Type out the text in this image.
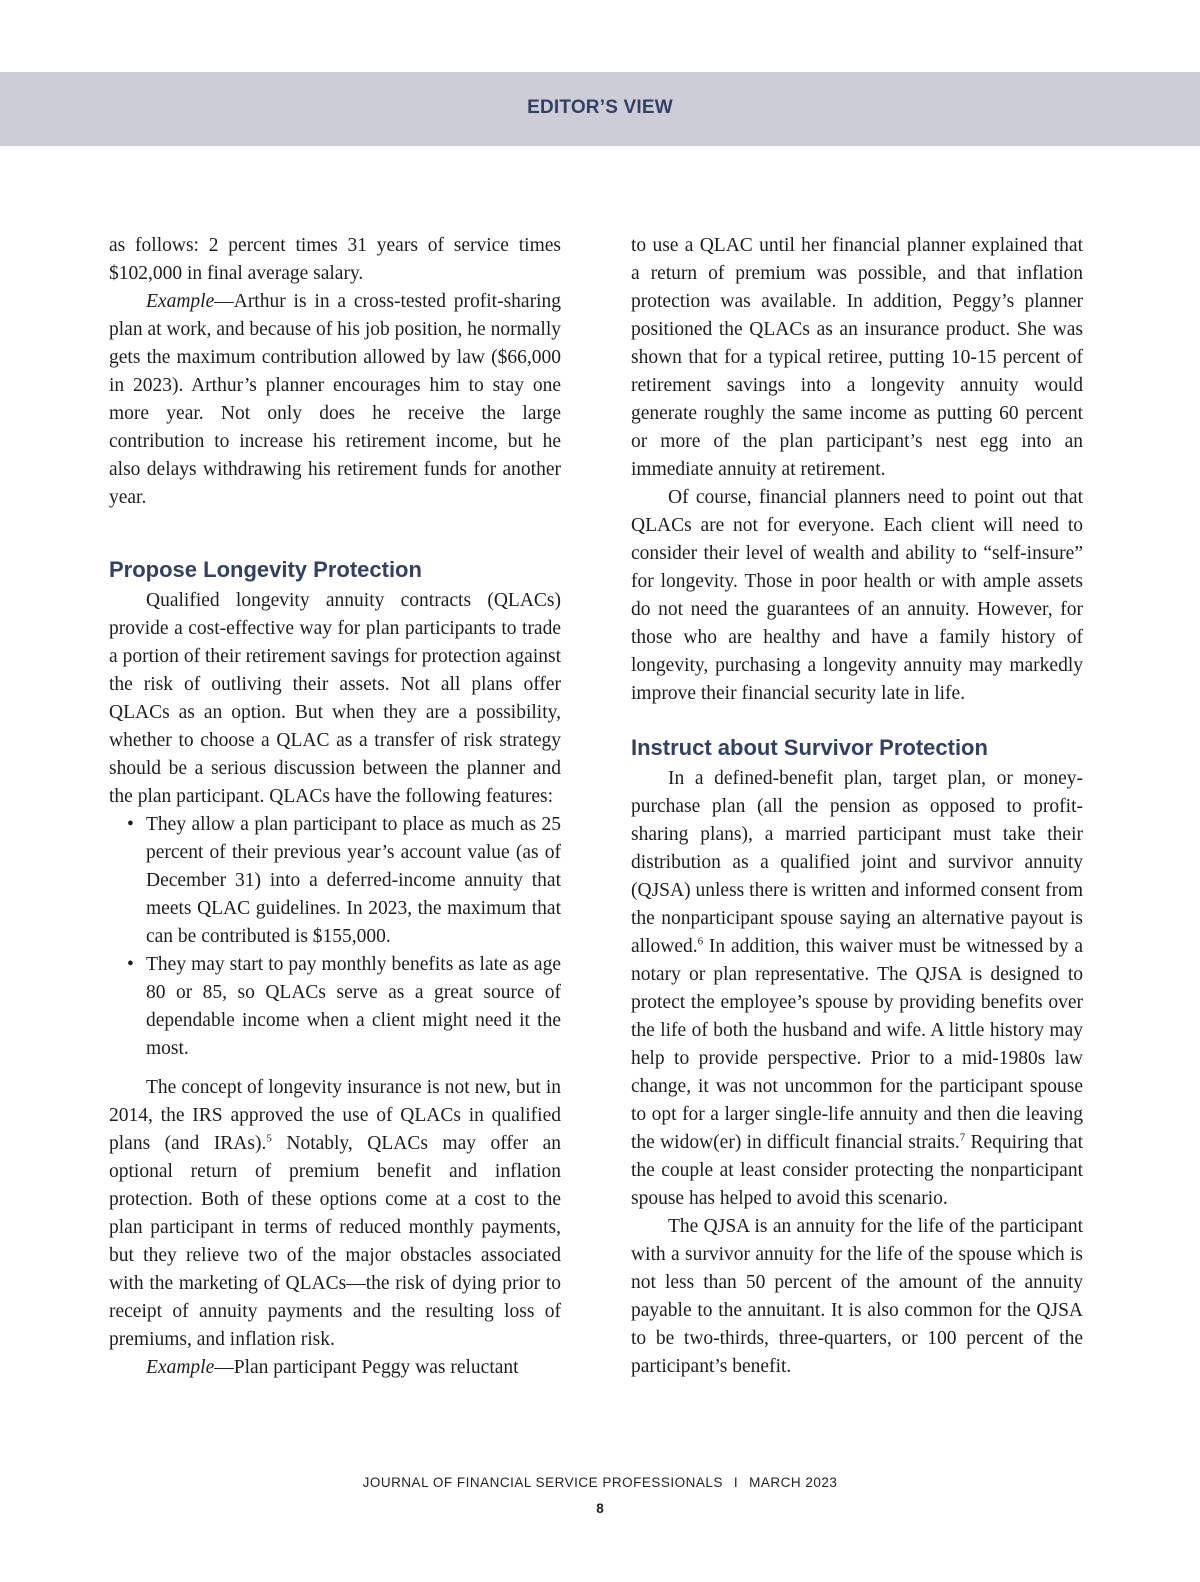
EDITOR’S VIEW

as follows: 2 percent times 31 years of service times $102,000 in final average salary.

Example—Arthur is in a cross-tested profit-sharing plan at work, and because of his job position, he normally gets the maximum contribution allowed by law ($66,000 in 2023). Arthur’s planner encourages him to stay one more year. Not only does he receive the large contribution to increase his retirement income, but he also delays withdrawing his retirement funds for another year.

Propose Longevity Protection

Qualified longevity annuity contracts (QLACs) provide a cost-effective way for plan participants to trade a portion of their retirement savings for protection against the risk of outliving their assets. Not all plans offer QLACs as an option. But when they are a possibility, whether to choose a QLAC as a transfer of risk strategy should be a serious discussion between the planner and the plan participant. QLACs have the following features:

• They allow a plan participant to place as much as 25 percent of their previous year’s account value (as of December 31) into a deferred-income annuity that meets QLAC guidelines. In 2023, the maximum that can be contributed is $155,000.
• They may start to pay monthly benefits as late as age 80 or 85, so QLACs serve as a great source of dependable income when a client might need it the most.

The concept of longevity insurance is not new, but in 2014, the IRS approved the use of QLACs in qualified plans (and IRAs).$^5$ Notably, QLACs may offer an optional return of premium benefit and inflation protection. Both of these options come at a cost to the plan participant in terms of reduced monthly payments, but they relieve two of the major obstacles associated with the marketing of QLACs—the risk of dying prior to receipt of annuity payments and the resulting loss of premiums, and inflation risk.

Example—Plan participant Peggy was reluctant

to use a QLAC until her financial planner explained that a return of premium was possible, and that inflation protection was available. In addition, Peggy’s planner positioned the QLACs as an insurance product. She was shown that for a typical retiree, putting 10-15 percent of retirement savings into a longevity annuity would generate roughly the same income as putting 60 percent or more of the plan participant’s nest egg into an immediate annuity at retirement.

Of course, financial planners need to point out that QLACs are not for everyone. Each client will need to consider their level of wealth and ability to “self-insure” for longevity. Those in poor health or with ample assets do not need the guarantees of an annuity. However, for those who are healthy and have a family history of longevity, purchasing a longevity annuity may markedly improve their financial security late in life.

Instruct about Survivor Protection

In a defined-benefit plan, target plan, or money-purchase plan (all the pension as opposed to profit-sharing plans), a married participant must take their distribution as a qualified joint and survivor annuity (QJSA) unless there is written and informed consent from the nonparticipant spouse saying an alternative payout is allowed.$^6$ In addition, this waiver must be witnessed by a notary or plan representative. The QJSA is designed to protect the employee’s spouse by providing benefits over the life of both the husband and wife. A little history may help to provide perspective. Prior to a mid-1980s law change, it was not uncommon for the participant spouse to opt for a larger single-life annuity and then die leaving the widow(er) in difficult financial straits.$^7$ Requiring that the couple at least consider protecting the nonparticipant spouse has helped to avoid this scenario.

The QJSA is an annuity for the life of the participant with a survivor annuity for the life of the spouse which is not less than 50 percent of the amount of the annuity payable to the annuitant. It is also common for the QJSA to be two-thirds, three-quarters, or 100 percent of the participant’s benefit.

JOURNAL OF FINANCIAL SERVICE PROFESSIONALS I MARCH 2023
8
